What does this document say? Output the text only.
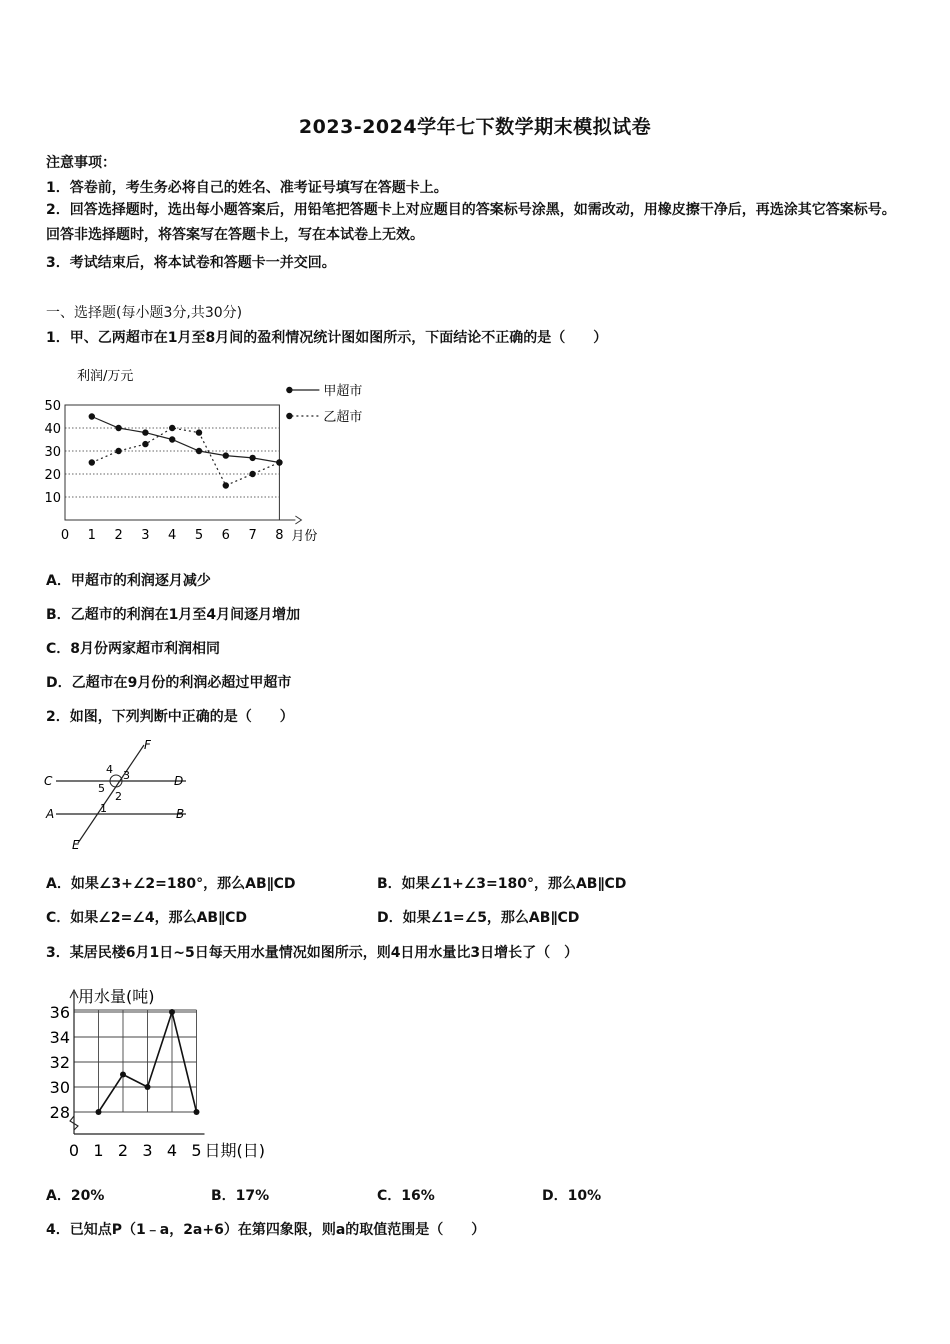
2023-2024学年七下数学期末模拟试卷
注意事项：
1．答卷前，考生务必将自己的姓名、准考证号填写在答题卡上。
2．回答选择题时，选出每小题答案后，用铅笔把答题卡上对应题目的答案标号涂黑，如需改动，用橡皮擦干净后，再选涂其它答案标号。回答非选择题时，将答案写在答题卡上，写在本试卷上无效。
3．考试结束后，将本试卷和答题卡一并交回。
一、选择题(每小题3分,共30分)
1．甲、乙两超市在1月至8月间的盈利情况统计图如图所示，下面结论不正确的是（　　）
10
20
30
40
50
0 1 2 3 4 5 6 7 8 月份
利润/万元
甲超市
乙超市
A．甲超市的利润逐月减少
B．乙超市的利润在1月至4月间逐月增加
C．8月份两家超市利润相同
D．乙超市在9月份的利润必超过甲超市
2．如图，下列判断中正确的是（　　）
F
C	D
A	B
E
4 3
5
2
1
A．如果∠3+∠2=180°，那么AB∥CD	B．如果∠1+∠3=180°，那么AB∥CD
C．如果∠2=∠4，那么AB∥CD	D．如果∠1=∠5，那么AB∥CD
3．某居民楼6月1日~5日每天用水量情况如图所示，则4日用水量比3日增长了（　）
28
30
32
34
36
0 1 2 3 4 5 日期(日)
用水量(吨)
A．20%	B．17%	C．16%	D．10%
4．已知点P（1﹣a，2a+6）在第四象限，则a的取值范围是（　　）
